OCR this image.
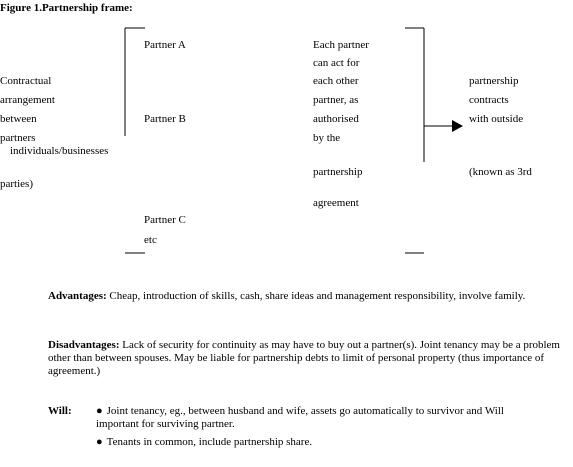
Figure 1.Partnership frame:
Contractual
arrangement
between
partners
individuals/businesses
parties)
Partner A
Partner B
Partner C
etc
Each partner
can act for
each other
partner, as
authorised
by the
partnership
agreement
partnership
contracts
with outside
(known as 3rd
Advantages: Cheap, introduction of skills, cash, share ideas and management responsibility, involve family.
Disadvantages: Lack of security for continuity as may have to buy out a partner(s). Joint tenancy may be a problem other than between spouses. May be liable for partnership debts to limit of personal property (thus importance of agreement.)
Will:
●	Joint tenancy, eg., between husband and wife, assets go automatically to survivor and Will important for surviving partner.
● Tenants in common, include partnership share.
